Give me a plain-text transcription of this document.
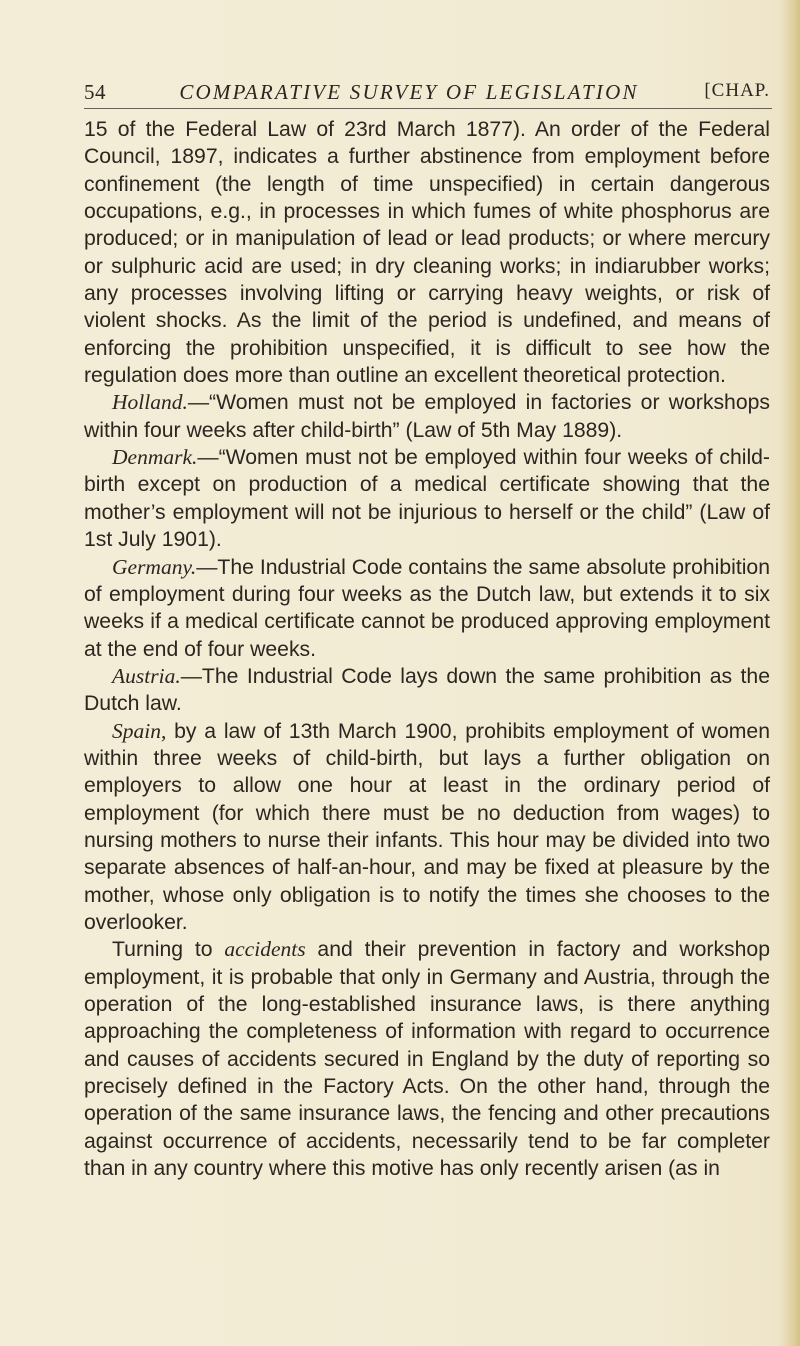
54	COMPARATIVE SURVEY OF LEGISLATION	[CHAP.

15 of the Federal Law of 23rd March 1877). An order of the Federal Council, 1897, indicates a further abstinence from employment before confinement (the length of time unspecified) in certain dangerous occupations, e.g., in processes in which fumes of white phosphorus are produced; or in manipulation of lead or lead products; or where mercury or sulphuric acid are used; in dry cleaning works; in indiarubber works; any processes involving lifting or carrying heavy weights, or risk of violent shocks. As the limit of the period is undefined, and means of enforcing the prohibition unspecified, it is difficult to see how the regulation does more than outline an excellent theoretical protection.

Holland.—“Women must not be employed in factories or workshops within four weeks after child-birth” (Law of 5th May 1889).

Denmark.—“Women must not be employed within four weeks of child-birth except on production of a medical certificate showing that the mother’s employment will not be injurious to herself or the child” (Law of 1st July 1901).

Germany.—The Industrial Code contains the same absolute prohibition of employment during four weeks as the Dutch law, but extends it to six weeks if a medical certificate cannot be produced approving employment at the end of four weeks.

Austria.—The Industrial Code lays down the same prohibition as the Dutch law.

Spain, by a law of 13th March 1900, prohibits employment of women within three weeks of child-birth, but lays a further obligation on employers to allow one hour at least in the ordinary period of employment (for which there must be no deduction from wages) to nursing mothers to nurse their infants. This hour may be divided into two separate absences of half-an-hour, and may be fixed at pleasure by the mother, whose only obligation is to notify the times she chooses to the overlooker.

Turning to accidents and their prevention in factory and workshop employment, it is probable that only in Germany and Austria, through the operation of the long-established insurance laws, is there anything approaching the completeness of information with regard to occurrence and causes of accidents secured in England by the duty of reporting so precisely defined in the Factory Acts. On the other hand, through the operation of the same insurance laws, the fencing and other precautions against occurrence of accidents, necessarily tend to be far completer than in any country where this motive has only recently arisen (as in
